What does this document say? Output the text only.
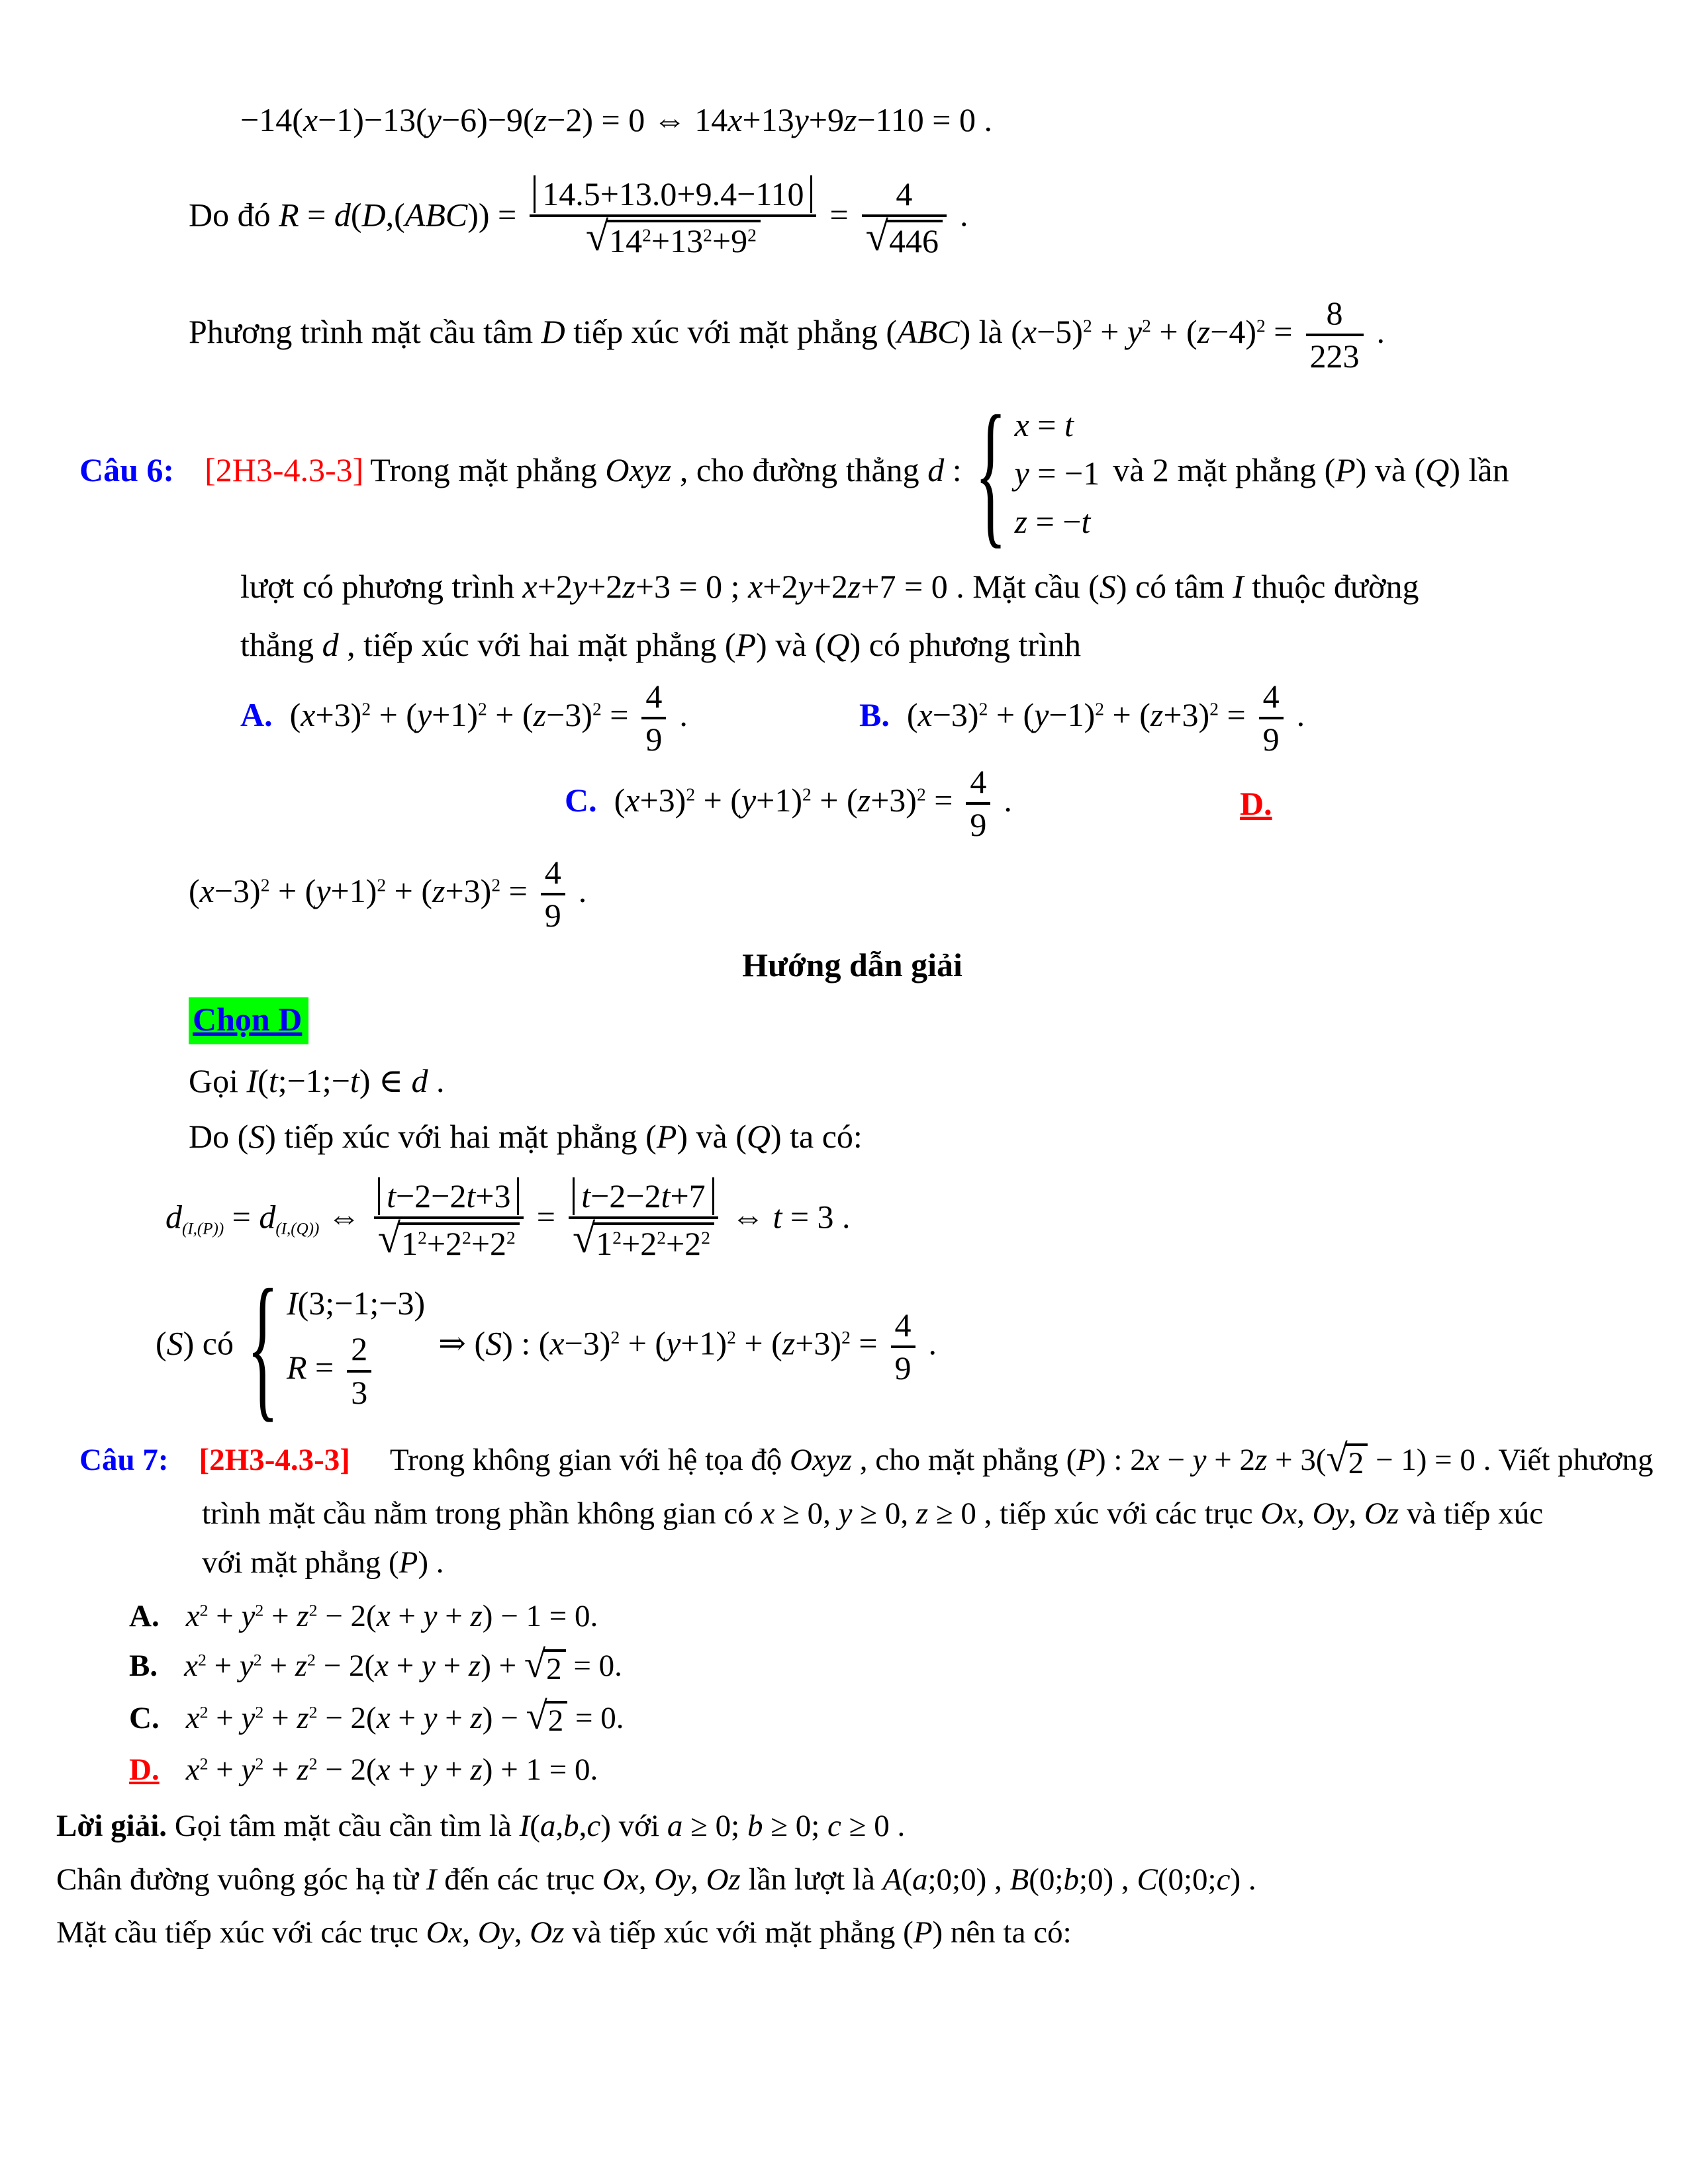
−14(x−1)−13(y−6)−9(z−2) = 0 ⇔ 14x+13y+9z−110 = 0 .
Do đó $R = d(D,(ABC)) = \frac{14.5+13.0+9.4-110}{√ 14^2+13^2+9^2} = \frac{4}{√ 446}$ .
Phương trình mặt cầu tâm D tiếp xúc với mặt phẳng (ABC) là $(x-5)^2 + y^2 + (z-4)^2 = \frac{8}{223}$ .
Câu 6: [2H3-4.3-3] Trong mặt phẳng Oxyz , cho đường thẳng d : { x = t
y = −1
z = −t
và 2 mặt phẳng (P) và (Q) lần
lượt có phương trình x+2y+2z+3 = 0 ; x+2y+2z+7 = 0 . Mặt cầu (S) có tâm I thuộc đường
thẳng d , tiếp xúc với hai mặt phẳng (P) và (Q) có phương trình
A. $(x+3)^2 + (y+1)^2 + (z-3)^2 = \frac{4}{9}$ .	B. $(x-3)^2 + (y-1)^2 + (z+3)^2 = \frac{4}{9}$ .
C. $(x+3)^2 + (y+1)^2 + (z+3)^2 = \frac{4}{9}$ .	D.
$(x-3)^2 + (y+1)^2 + (z+3)^2 = \frac{4}{9}$ .
Hướng dẫn giải
Chọn D
Gọi I(t;−1;−t) ∈ d .
Do (S) tiếp xúc với hai mặt phẳng (P) và (Q) ta có:
$d_{(I,(P))} = d_{(I,(Q))}$ ⇔ $\frac{t-2-2t+3}{√ 1^2+2^2+2^2} = \frac{t-2-2t+7}{√ 1^2+2^2+2^2}$ ⇔ t = 3 .
(S) có { I(3;−1;−3)
$R = \frac{2}{3}$ ⇒ (S) : $(x-3)^2 + (y+1)^2 + (z+3)^2 = \frac{4}{9}$ .
Câu 7: [2H3-4.3-3] Trong không gian với hệ tọa độ Oxyz , cho mặt phẳng (P) : 2x − y + 2z + 3( √ 2 − 1) = 0 . Viết phương
trình mặt cầu nằm trong phần không gian có x ≥ 0, y ≥ 0, z ≥ 0 , tiếp xúc với các trục Ox, Oy, Oz và tiếp xúc
với mặt phẳng (P) .
A. $x^2 + y^2 + z^2 - 2(x + y + z) - 1 = 0$.
B. $x^2 + y^2 + z^2 - 2(x + y + z)$ + √ 2 = 0.
C. $x^2 + y^2 + z^2 - 2(x + y + z)$ − √ 2 = 0.
D. $x^2 + y^2 + z^2 - 2(x + y + z) + 1 = 0$.
Lời giải. Gọi tâm mặt cầu cần tìm là I(a,b,c) với a ≥ 0; b ≥ 0; c ≥ 0 .
Chân đường vuông góc hạ từ I đến các trục Ox, Oy, Oz lần lượt là A(a;0;0) , B(0;b;0) , C(0;0;c) .
Mặt cầu tiếp xúc với các trục Ox, Oy, Oz và tiếp xúc với mặt phẳng (P) nên ta có:
